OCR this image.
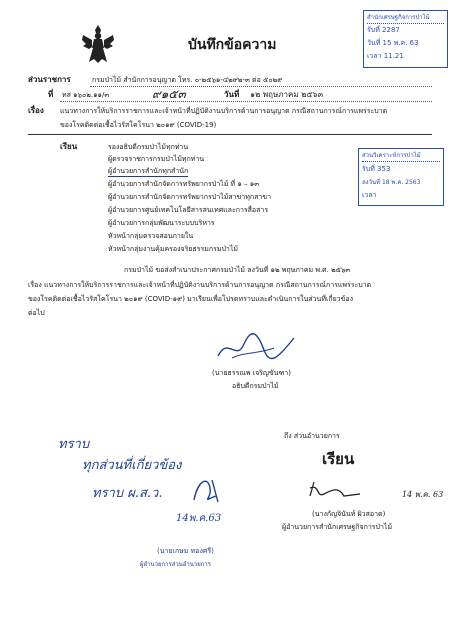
บันทึกข้อความ
สำนักเศรษฐกิจการป่าไม้
รับที่ 2287
วันที่ 15 พ.ค. 63
เวลา 11.21
ส่วนราชการ	กรมป่าไม้ สำนักการอนุญาต โทร. ๐-๒๕๖๑-๔๒๙๒-๓ ต่อ ๕๐๒๙
ที่ ทส ๑๖๐๒.๑๑/๓	๙๑๕๓	วันที่ ๑๒ พฤษภาคม ๒๕๖๓
เรื่อง แนวทางการให้บริการราชการและเจ้าหน้าที่ปฏิบัติงานบริการด้านการอนุญาต กรณีสถานการณ์การแพร่ระบาด
ของโรคติดต่อเชื้อไวรัสโคโรนา ๒๐๑๙ (COVID-19)
ส่วนวิเคราะห์การป่าไม้
รับที่ 353
ลงวันที่ 18 พ.ค. 2563
เวลา
เรียน	รองอธิบดีกรมป่าไม้ทุกท่าน
ผู้ตรวจราชการกรมป่าไม้ทุกท่าน
ผู้อำนวยการสำนักทุกสำนัก
ผู้อำนวยการสำนักจัดการทรัพยากรป่าไม้ ที่ ๑ – ๑๓
ผู้อำนวยการสำนักจัดการทรัพยากรป่าไม้สาขาทุกสาขา
ผู้อำนวยการศูนย์เทคโนโลยีสารสนเทศและการสื่อสาร
ผู้อำนวยการกลุ่มพัฒนาระบบบริหาร
หัวหน้ากลุ่มตรวจสอบภายใน
หัวหน้ากลุ่มงานคุ้มครองจริยธรรมกรมป่าไม้
กรมป่าไม้ ขอส่งสำเนาประกาศกรมป่าไม้ ลงวันที่ ๑๒ พฤษภาคม พ.ศ. ๒๕๖๓
เรื่อง แนวทางการให้บริการราชการและเจ้าหน้าที่ปฏิบัติงานบริการด้านการอนุญาต กรณีสถานการณ์การแพร่ระบาด
ของโรคติดต่อเชื้อไวรัสโคโรนา ๒๐๑๙ (COVID-๑๙) มาเรียนเพื่อโปรดทราบและดำเนินการในส่วนที่เกี่ยวข้อง
ต่อไป
(นายธรรณพ เจริญขันฑา)
อธิบดีกรมป่าไม้
ถึง ส่วนอำนวยการ
เรียน
14 พ.ค. 63
(นางกัญจินันท์ ผิวสอาด)
ผู้อำนวยการสำนักเศรษฐกิจการป่าไม้
ทราบ
ทุกส่วนที่เกี่ยวข้อง
ทราบ ผ.ส.ว.
14พ.ค.63
(นายเกษม ทองศรี)
ผู้อำนวยการส่วนอำนวยการ
